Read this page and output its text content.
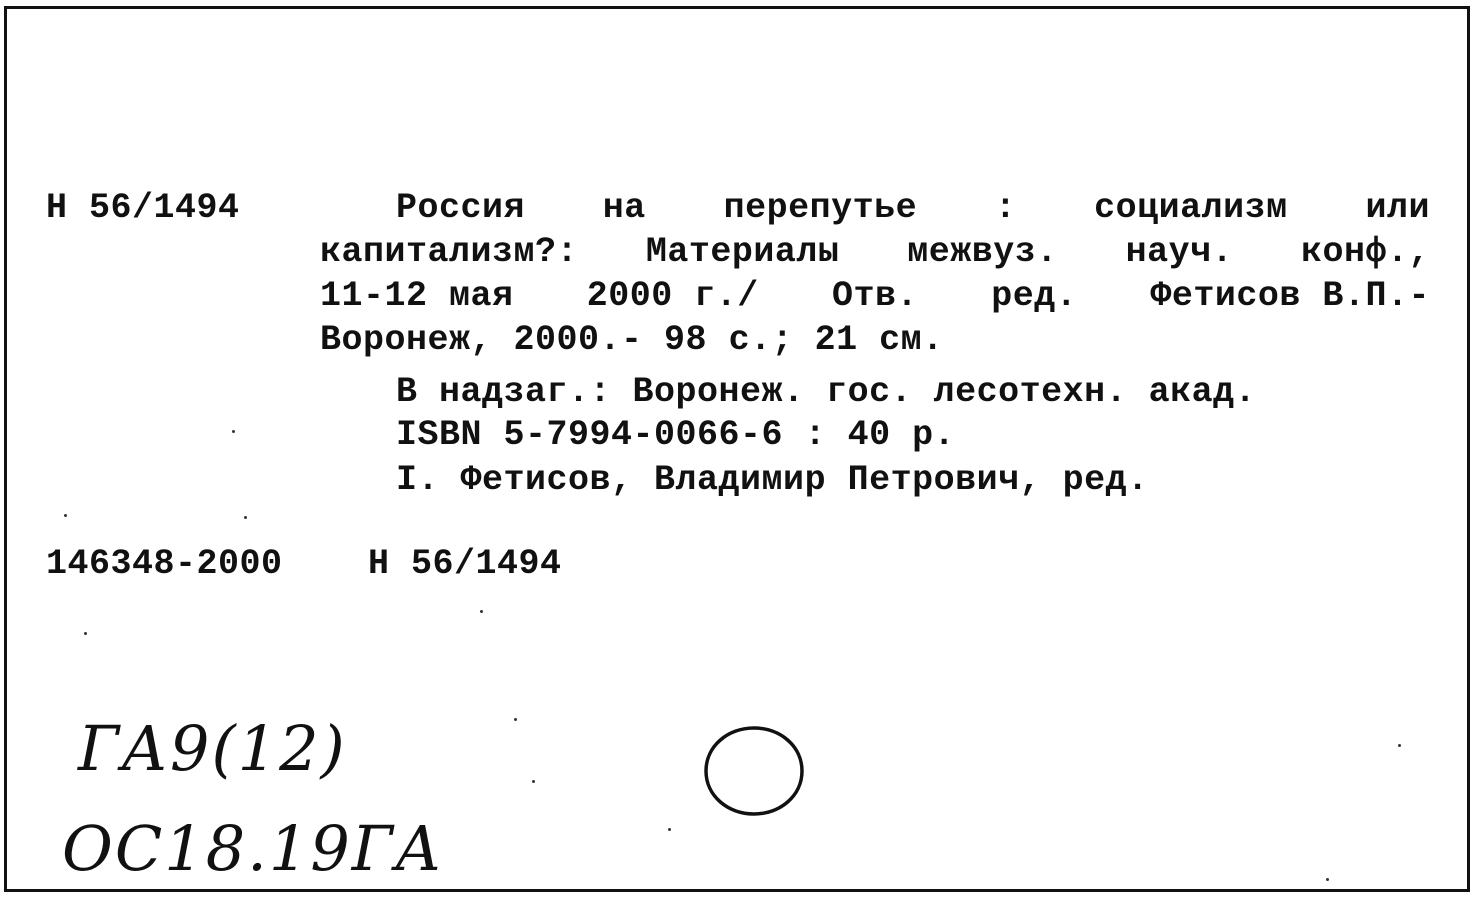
Н 56/1494	Россия на перепутье : социализм или
капитализм?: Материалы межвуз. науч. конф.,
11-12 мая 2000 г./ Отв. ред. Фетисов В.П.-
Воронеж, 2000.- 98 с.; 21 см.
В надзаг.: Воронеж. гос. лесотехн. акад.
ISBN 5-7994-0066-6 : 40 р.
I. Фетисов, Владимир Петрович, ред.
146348-2000 Н 56/1494
ГА9(12)
ОС18.19ГА
